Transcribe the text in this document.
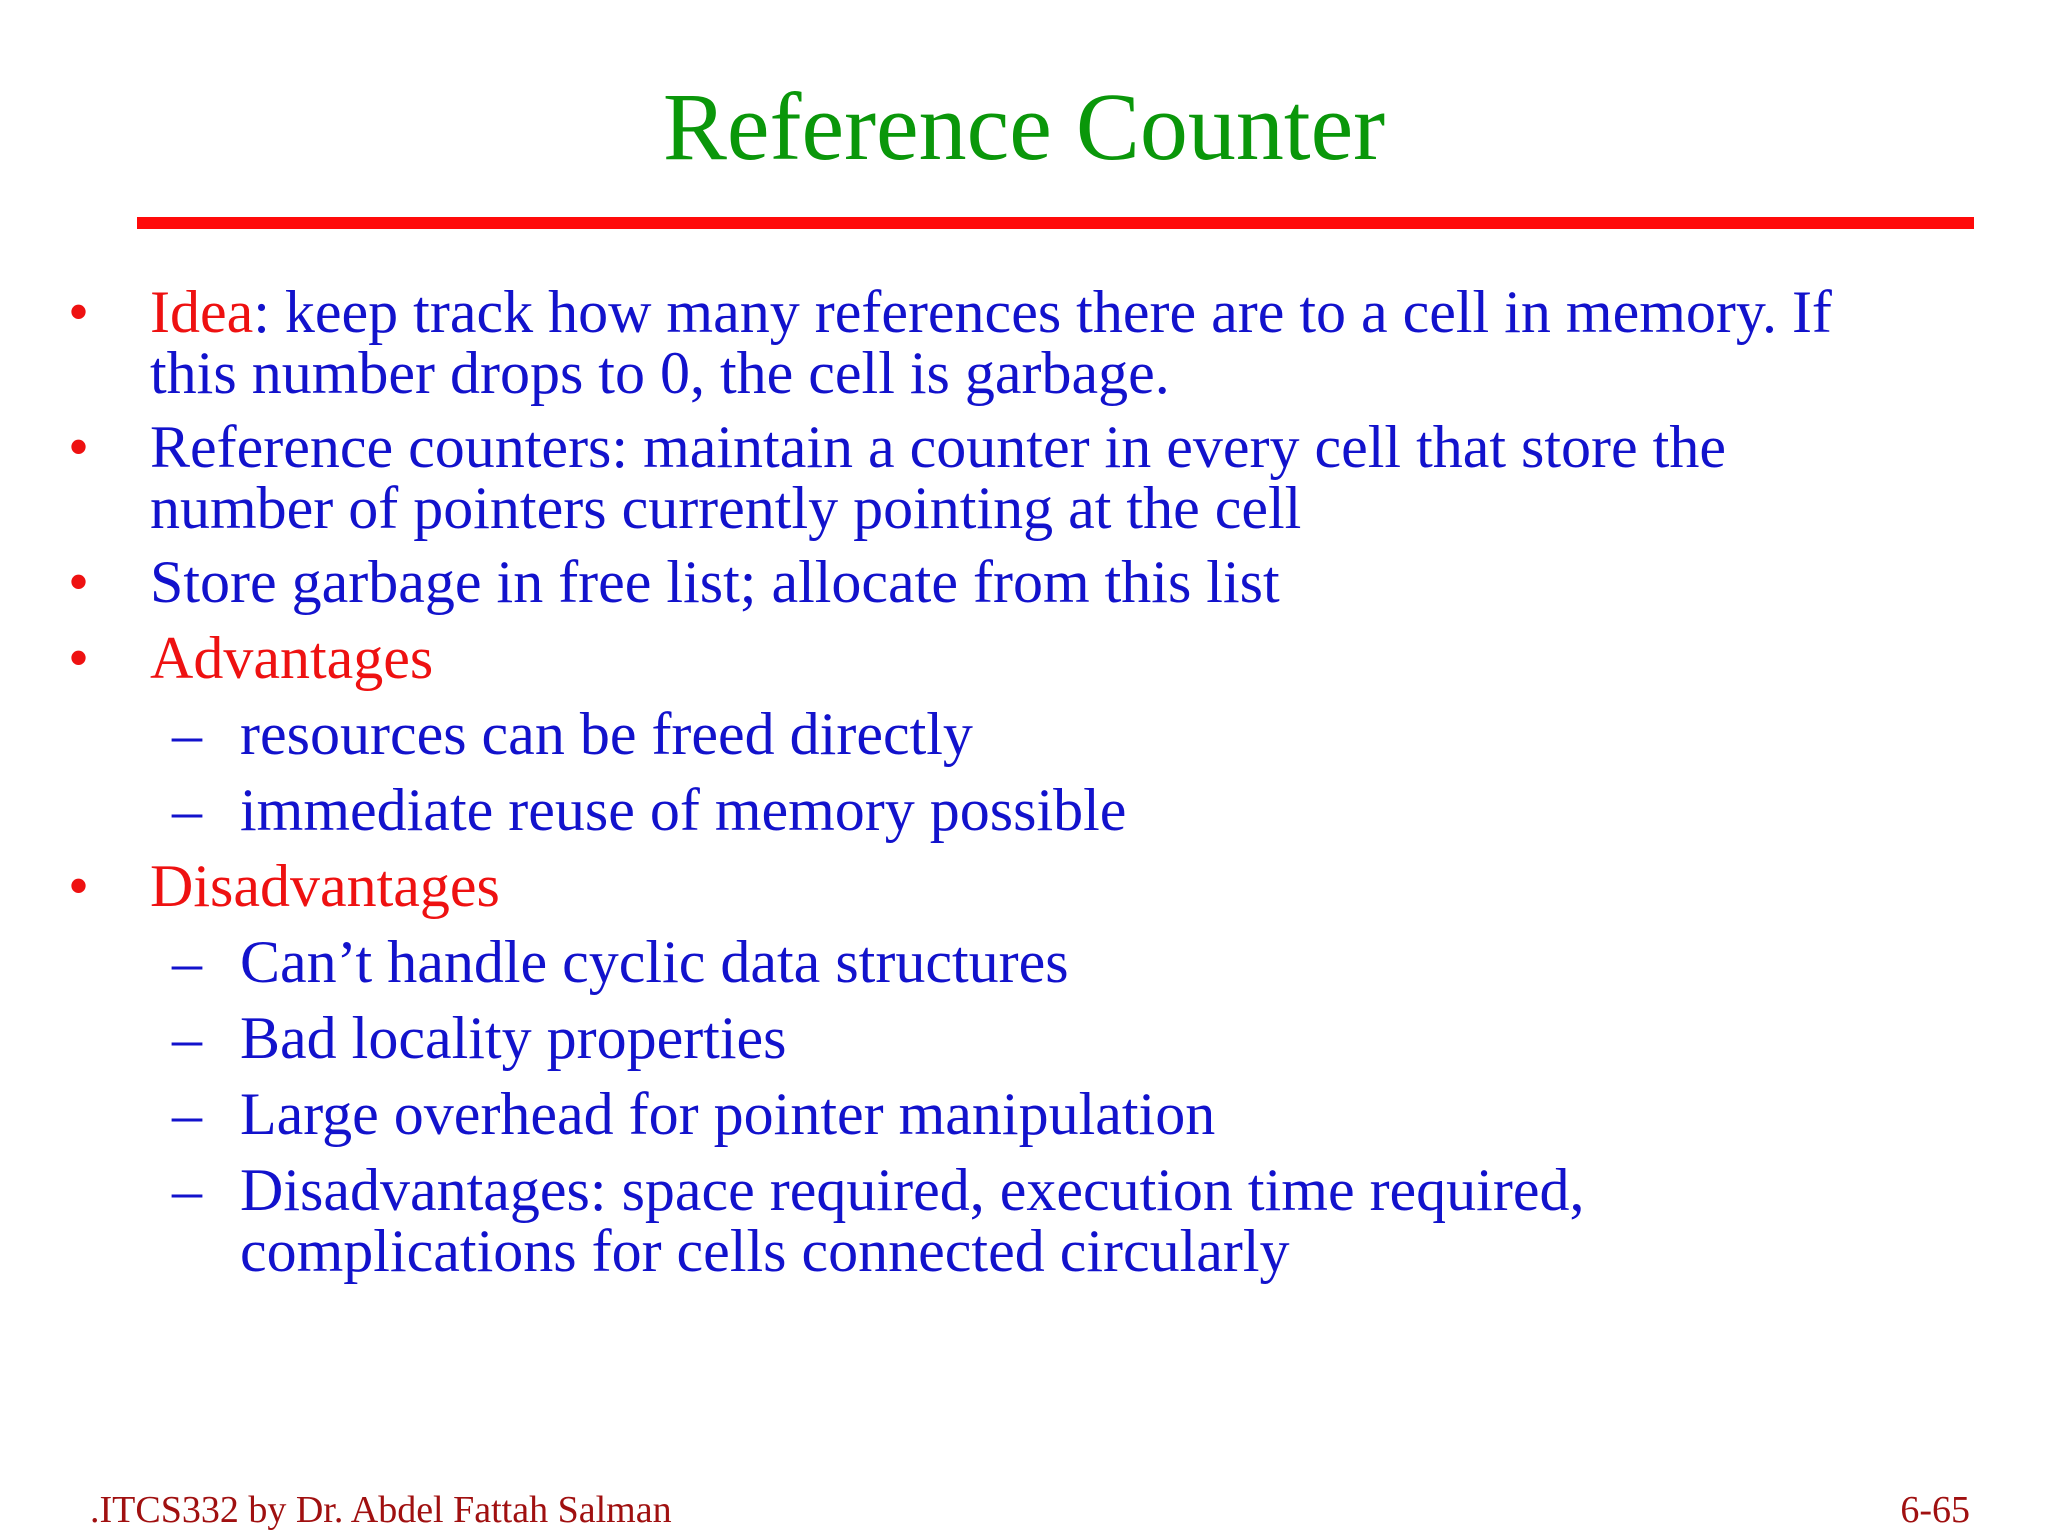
Reference Counter
• Idea: keep track how many references there are to a cell in memory. If
this number drops to 0, the cell is garbage.
• Reference counters: maintain a counter in every cell that store the
number of pointers currently pointing at the cell
• Store garbage in free list; allocate from this list
• Advantages
– resources can be freed directly
– immediate reuse of memory possible
• Disadvantages
– Can’t handle cyclic data structures
– Bad locality properties
– Large overhead for pointer manipulation
– Disadvantages: space required, execution time required,
complications for cells connected circularly
.ITCS332 by Dr. Abdel Fattah Salman	6-65
